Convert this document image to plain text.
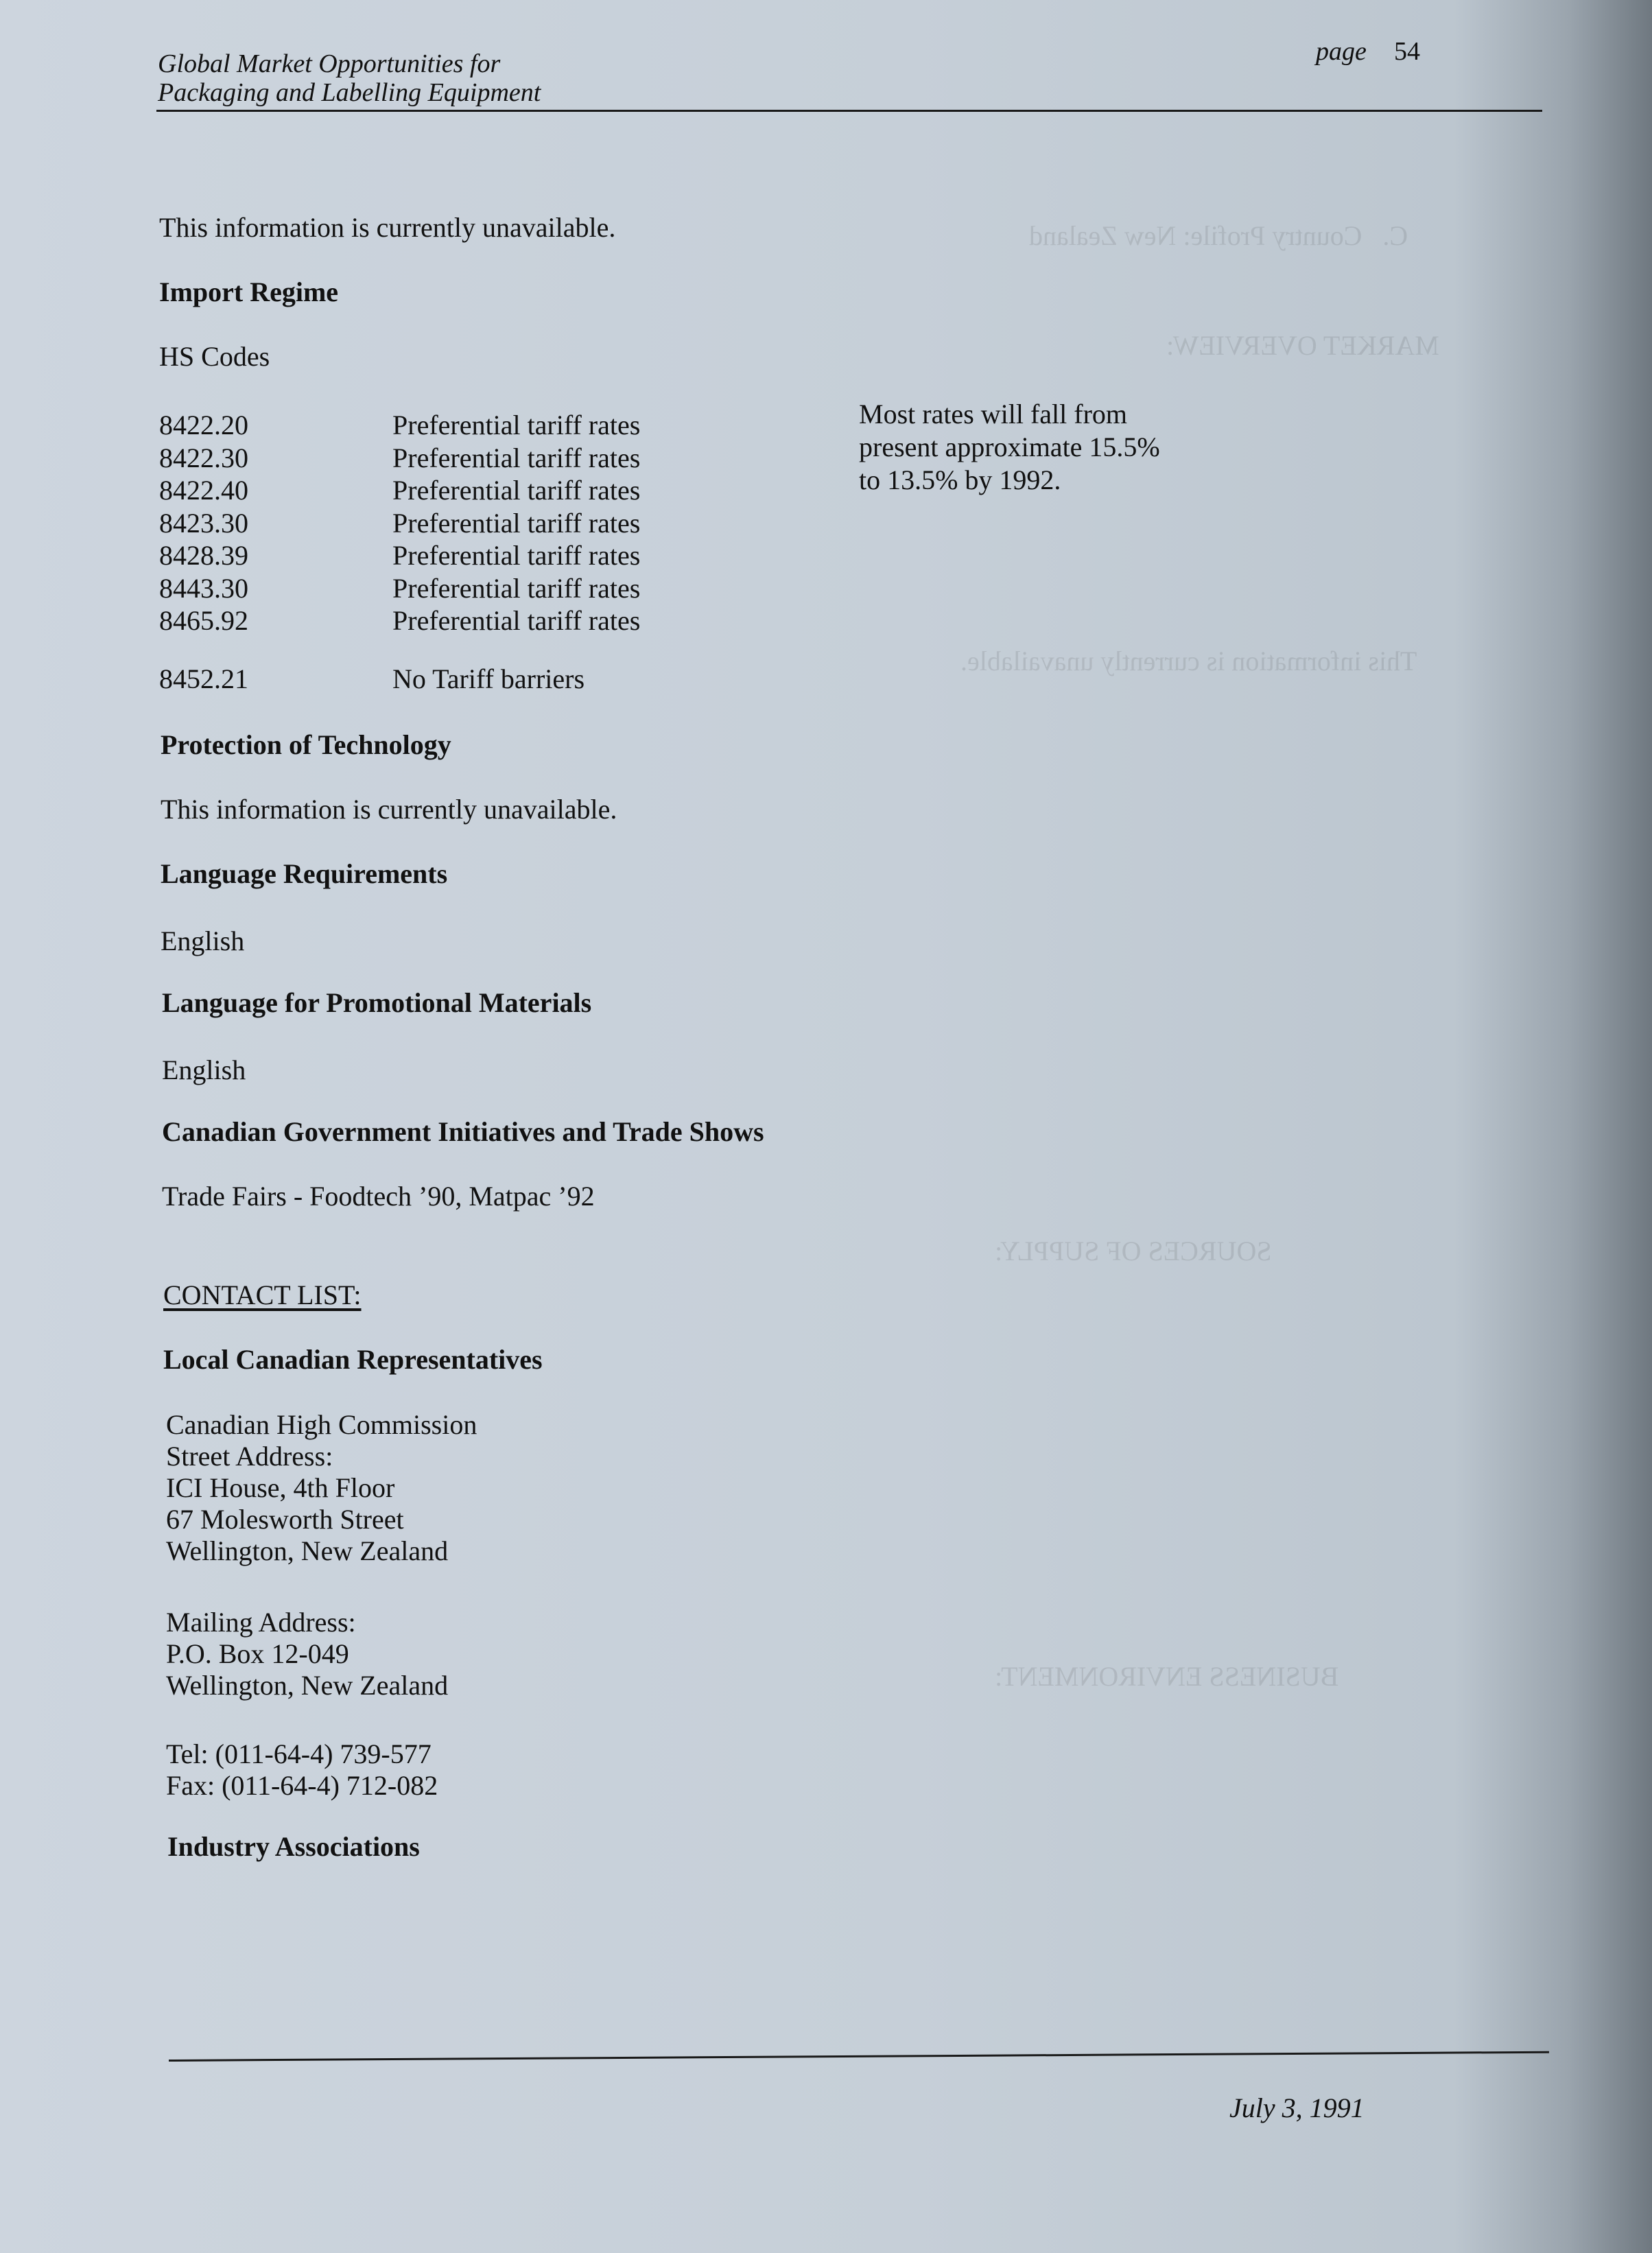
C.   Country Profile: New Zealand
MARKET OVERVIEW:
This information is currently unavailable.
SOURCES OF SUPPLY:
BUSINESS ENVIRONMENT:
Global Market Opportunities for
Packaging and Labelling Equipment
page 54
This information is currently unavailable.
Import Regime
HS Codes
8422.20	Preferential tariff rates
8422.30	Preferential tariff rates
8422.40	Preferential tariff rates
8423.30	Preferential tariff rates
8428.39	Preferential tariff rates
8443.30	Preferential tariff rates
8465.92	Preferential tariff rates
Most rates will fall from
present approximate 15.5%
to 13.5% by 1992.
8452.21	No Tariff barriers
Protection of Technology
This information is currently unavailable.
Language Requirements
English
Language for Promotional Materials
English
Canadian Government Initiatives and Trade Shows
Trade Fairs - Foodtech ’90, Matpac ’92
CONTACT LIST:
Local Canadian Representatives
Canadian High Commission
Street Address:
ICI House, 4th Floor
67 Molesworth Street
Wellington, New Zealand
Mailing Address:
P.O. Box 12-049
Wellington, New Zealand
Tel: (011-64-4) 739-577
Fax: (011-64-4) 712-082
Industry Associations
July 3, 1991
